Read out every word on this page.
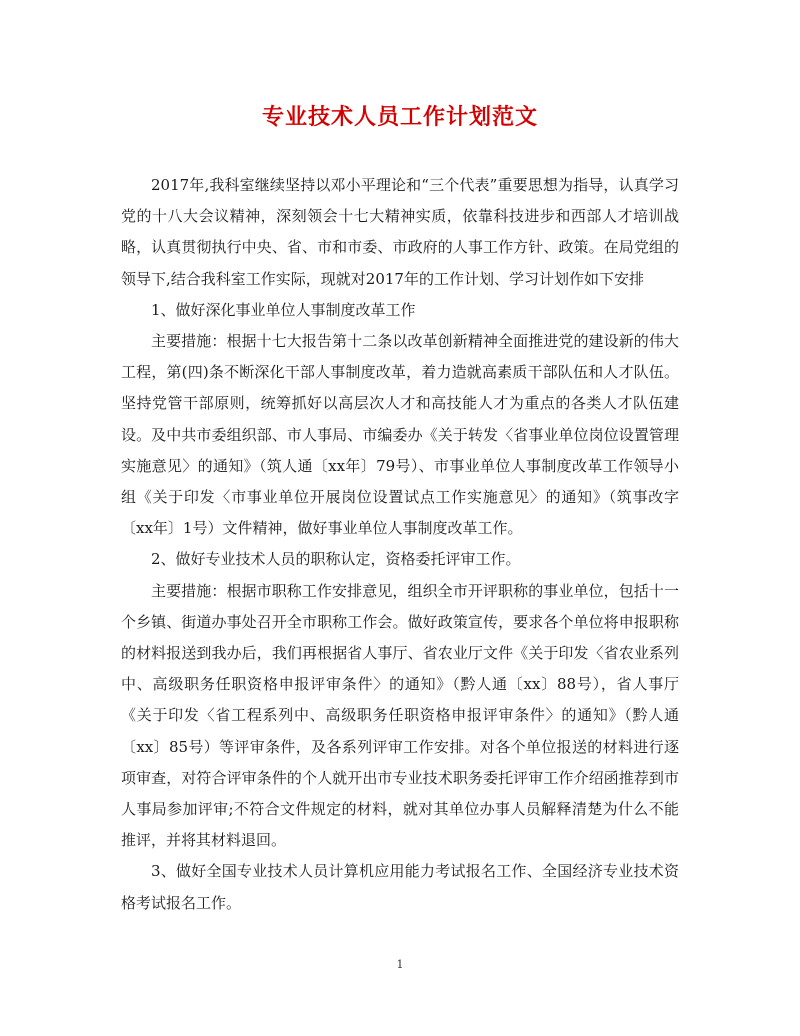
专业技术人员工作计划范文

2017年,我科室继续坚持以邓小平理论和“三个代表”重要思想为指导，认真学习党的十八大会议精神，深刻领会十七大精神实质，依靠科技进步和西部人才培训战略，认真贯彻执行中央、省、市和市委、市政府的人事工作方针、政策。在局党组的领导下,结合我科室工作实际，现就对2017年的工作计划、学习计划作如下安排

1、做好深化事业单位人事制度改革工作

主要措施：根据十七大报告第十二条以改革创新精神全面推进党的建设新的伟大工程，第(四)条不断深化干部人事制度改革，着力造就高素质干部队伍和人才队伍。坚持党管干部原则，统筹抓好以高层次人才和高技能人才为重点的各类人才队伍建设。及中共市委组织部、市人事局、市编委办《关于转发〈省事业单位岗位设置管理实施意见〉的通知》（筑人通〔xx年〕79号）、市事业单位人事制度改革工作领导小组《关于印发〈市事业单位开展岗位设置试点工作实施意见〉的通知》（筑事改字〔xx年〕1号）文件精神，做好事业单位人事制度改革工作。

2、做好专业技术人员的职称认定，资格委托评审工作。

主要措施：根据市职称工作安排意见，组织全市开评职称的事业单位，包括十一个乡镇、街道办事处召开全市职称工作会。做好政策宣传，要求各个单位将申报职称的材料报送到我办后，我们再根据省人事厅、省农业厅文件《关于印发〈省农业系列中、高级职务任职资格申报评审条件〉的通知》（黔人通〔xx〕88号），省人事厅《关于印发〈省工程系列中、高级职务任职资格申报评审条件〉的通知》（黔人通〔xx〕85号）等评审条件，及各系列评审工作安排。对各个单位报送的材料进行逐项审查，对符合评审条件的个人就开出市专业技术职务委托评审工作介绍函推荐到市人事局参加评审;不符合文件规定的材料，就对其单位办事人员解释清楚为什么不能推评，并将其材料退回。

3、做好全国专业技术人员计算机应用能力考试报名工作、全国经济专业技术资格考试报名工作。

1
